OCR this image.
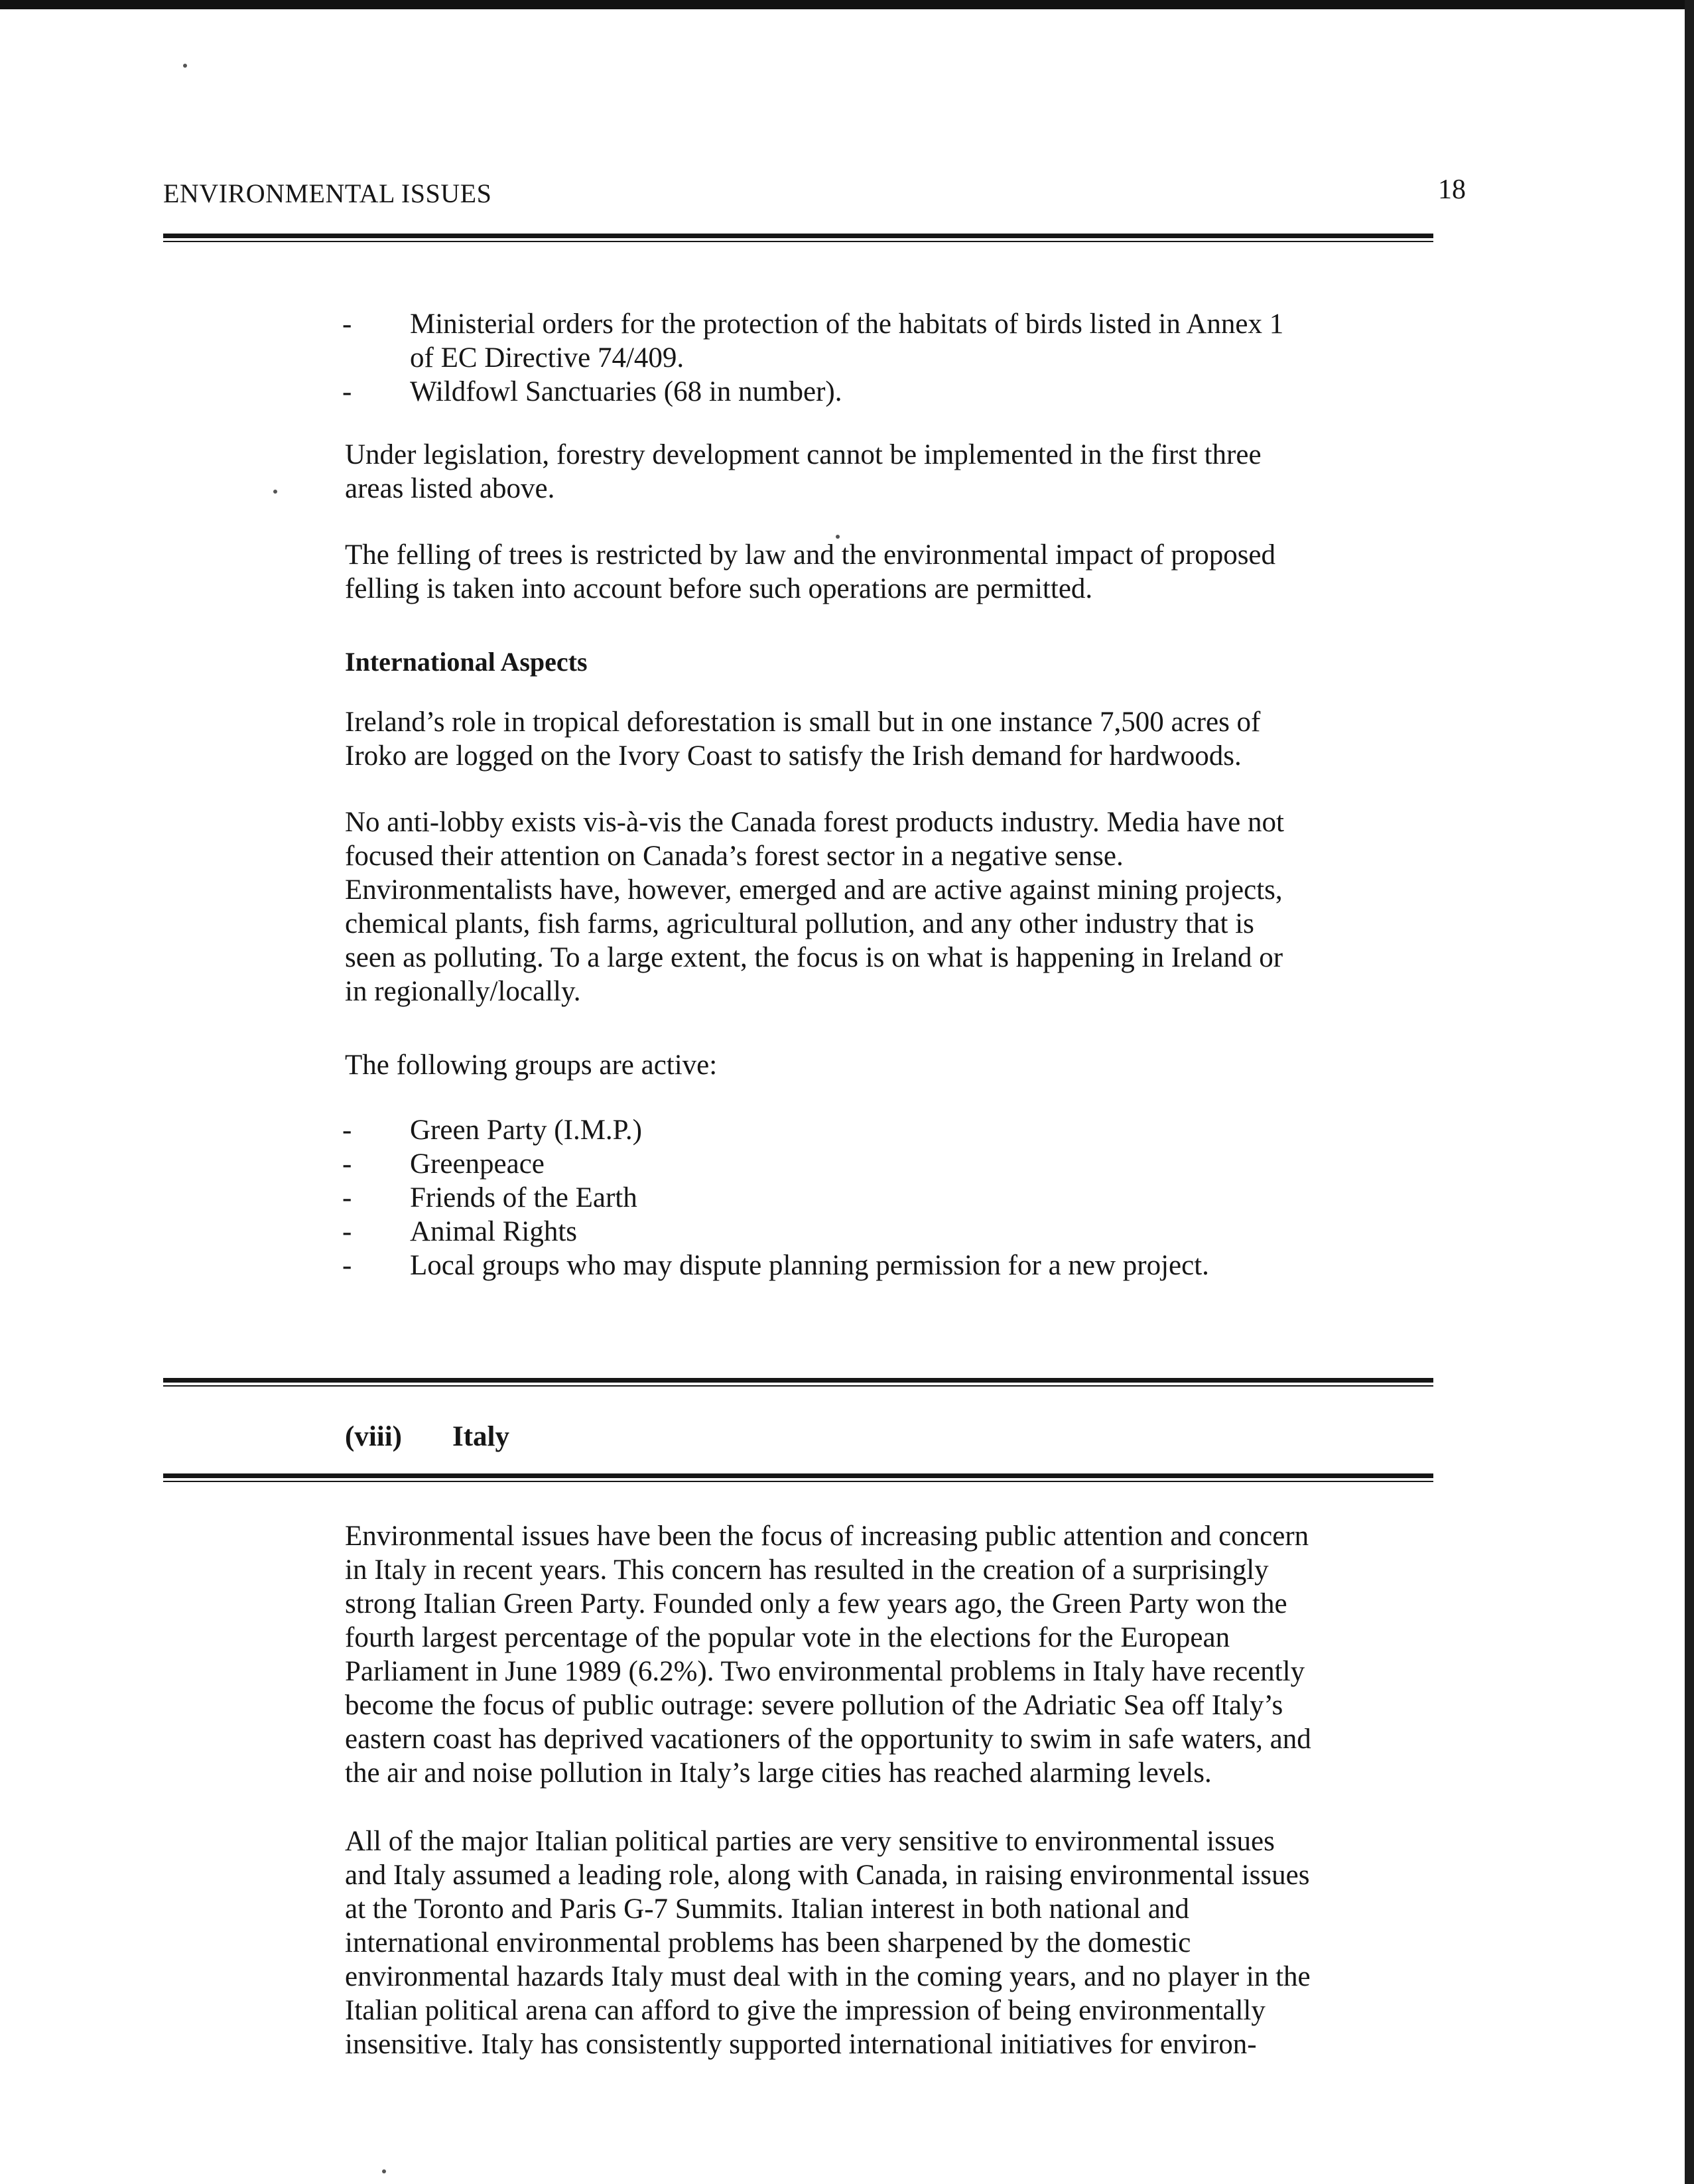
ENVIRONMENTAL ISSUES	18
- Ministerial orders for the protection of the habitats of birds listed in Annex 1
of EC Directive 74/409.
- Wildfowl Sanctuaries (68 in number).

Under legislation, forestry development cannot be implemented in the first three
areas listed above.

The felling of trees is restricted by law and the environmental impact of proposed
felling is taken into account before such operations are permitted.

International Aspects

Ireland’s role in tropical deforestation is small but in one instance 7,500 acres of
Iroko are logged on the Ivory Coast to satisfy the Irish demand for hardwoods.

No anti-lobby exists vis-à-vis the Canada forest products industry. Media have not
focused their attention on Canada’s forest sector in a negative sense.
Environmentalists have, however, emerged and are active against mining projects,
chemical plants, fish farms, agricultural pollution, and any other industry that is
seen as polluting. To a large extent, the focus is on what is happening in Ireland or
in regionally/locally.

The following groups are active:

- Green Party (I.M.P.)
- Greenpeace
- Friends of the Earth
- Animal Rights
- Local groups who may dispute planning permission for a new project.
(viii) Italy

Environmental issues have been the focus of increasing public attention and concern
in Italy in recent years. This concern has resulted in the creation of a surprisingly
strong Italian Green Party. Founded only a few years ago, the Green Party won the
fourth largest percentage of the popular vote in the elections for the European
Parliament in June 1989 (6.2%). Two environmental problems in Italy have recently
become the focus of public outrage: severe pollution of the Adriatic Sea off Italy’s
eastern coast has deprived vacationers of the opportunity to swim in safe waters, and
the air and noise pollution in Italy’s large cities has reached alarming levels.

All of the major Italian political parties are very sensitive to environmental issues
and Italy assumed a leading role, along with Canada, in raising environmental issues
at the Toronto and Paris G-7 Summits. Italian interest in both national and
international environmental problems has been sharpened by the domestic
environmental hazards Italy must deal with in the coming years, and no player in the
Italian political arena can afford to give the impression of being environmentally
insensitive. Italy has consistently supported international initiatives for environ-
